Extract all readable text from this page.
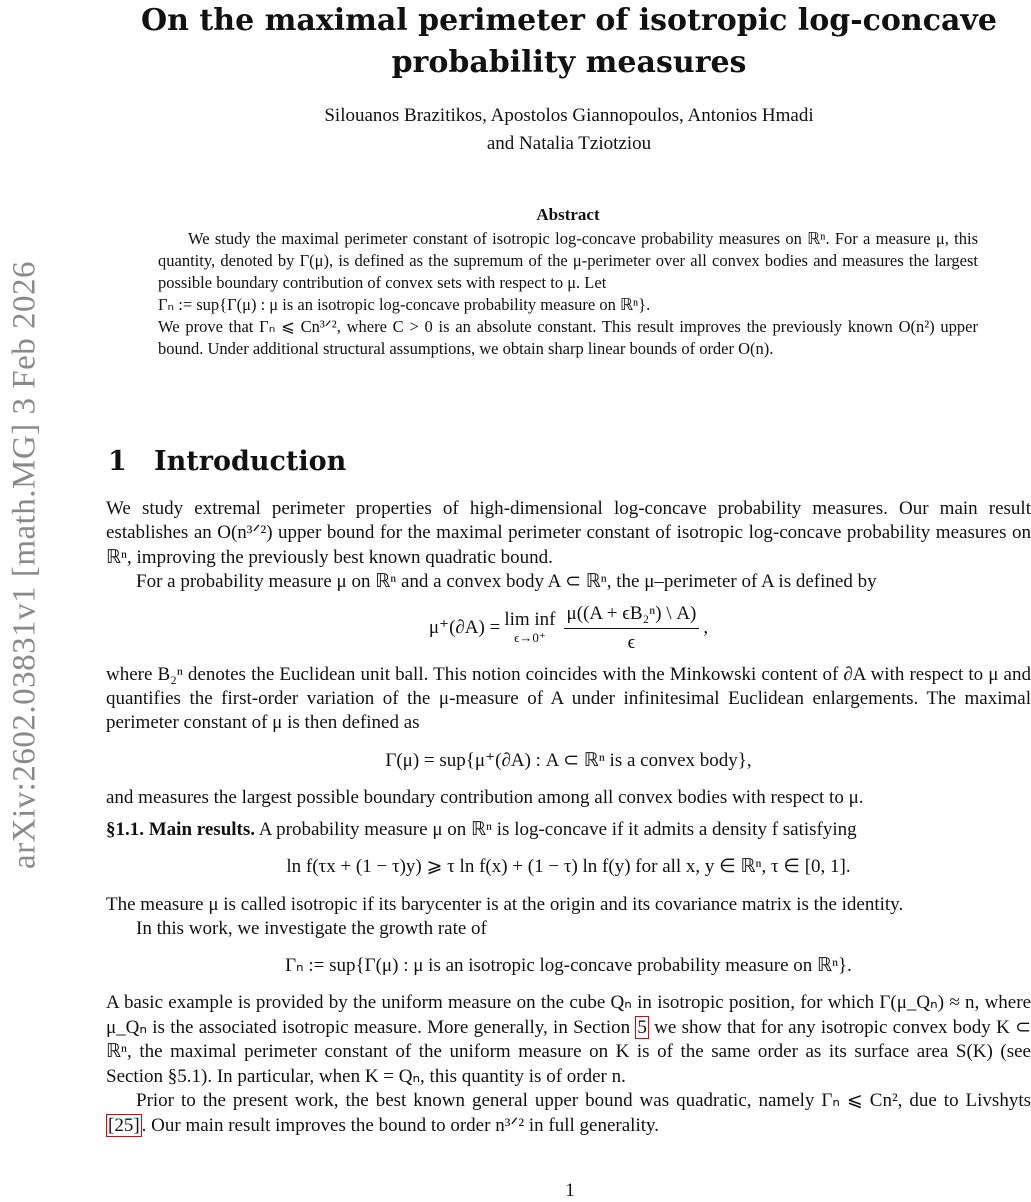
arXiv:2602.03831v1 [math.MG] 3 Feb 2026
On the maximal perimeter of isotropic log-concave
probability measures
Silouanos Brazitikos, Apostolos Giannopoulos, Antonios Hmadi
and Natalia Tziotziou
Abstract

We study the maximal perimeter constant of isotropic log-concave probability measures on ℝⁿ. For a measure μ, this quantity, denoted by Γ(μ), is defined as the supremum of the μ-perimeter over all convex bodies and measures the largest possible boundary contribution of convex sets with respect to μ. Let

Γₙ := sup{Γ(μ) : μ is an isotropic log-concave probability measure on ℝⁿ}.

We prove that Γₙ ⩽ Cn³ᐟ², where C > 0 is an absolute constant. This result improves the previously known O(n²) upper bound. Under additional structural assumptions, we obtain sharp linear bounds of order O(n).

1 Introduction

We study extremal perimeter properties of high-dimensional log-concave probability measures. Our main result establishes an O(n³ᐟ²) upper bound for the maximal perimeter constant of isotropic log-concave probability measures on ℝⁿ, improving the previously best known quadratic bound.

For a probability measure μ on ℝⁿ and a convex body A ⊂ ℝⁿ, the μ–perimeter of A is defined by

μ⁺(∂A) = lim inf
$\epsilon\to 0^+ \frac{\text{μ((A + ϵB₂ⁿ) \textbackslash{} A)}}{\epsilon}$ ,

where B₂ⁿ denotes the Euclidean unit ball. This notion coincides with the Minkowski content of ∂A with respect to μ and quantifies the first-order variation of the μ-measure of A under infinitesimal Euclidean enlargements. The maximal perimeter constant of μ is then defined as

Γ(μ) = sup{μ⁺(∂A) : A ⊂ ℝⁿ is a convex body},

and measures the largest possible boundary contribution among all convex bodies with respect to μ.

§1.1. Main results. A probability measure μ on ℝⁿ is log-concave if it admits a density f satisfying

ln f(τx + (1 − τ)y) ⩾ τ ln f(x) + (1 − τ) ln f(y) for all x, y ∈ ℝⁿ, τ ∈ [0, 1].

The measure μ is called isotropic if its barycenter is at the origin and its covariance matrix is the identity.

In this work, we investigate the growth rate of

Γₙ := sup{Γ(μ) : μ is an isotropic log-concave probability measure on ℝⁿ}.

A basic example is provided by the uniform measure on the cube Qₙ in isotropic position, for which Γ(μ_Qₙ) ≈ n, where μ_Qₙ is the associated isotropic measure. More generally, in Section 5 we show that for any isotropic convex body K ⊂ ℝⁿ, the maximal perimeter constant of the uniform measure on K is of the same order as its surface area S(K) (see Section §5.1). In particular, when K = Qₙ, this quantity is of order n.

Prior to the present work, the best known general upper bound was quadratic, namely Γₙ ⩽ Cn², due to Livshyts [25] . Our main result improves the bound to order n³ᐟ² in full generality.

1
